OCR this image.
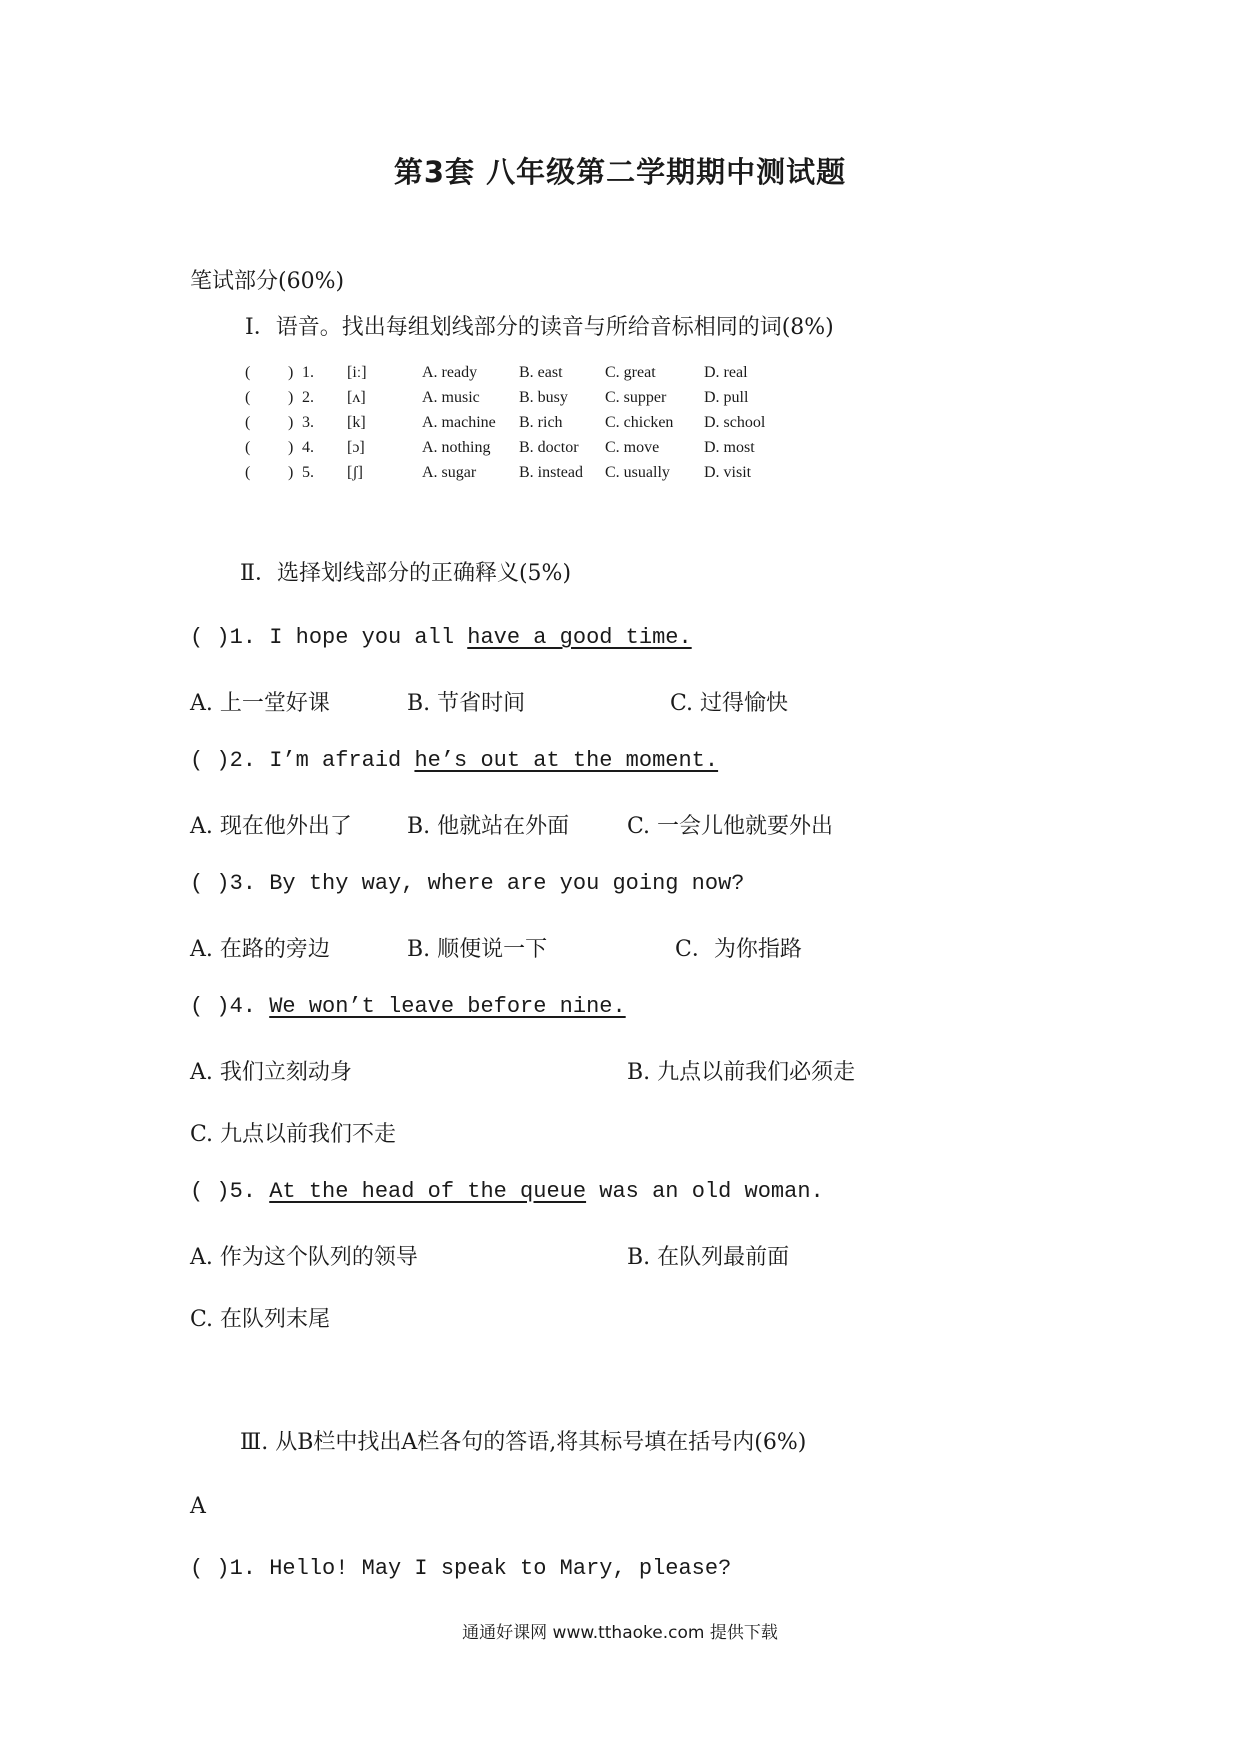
第3套 八年级第二学期期中测试题
笔试部分(60%)
Ⅰ．语音。找出每组划线部分的读音与所给音标相同的词(8%)
( ) 1. [iː]	A. ready	B. east	C. great	D. real
( ) 2. [ʌ]	A. music B. busy C. supper D. pull
( ) 3. [k]	A. machine B. rich	C. chicken D. school
( ) 4. [ɔ]	A. nothing B. doctor C. move	D. most
( ) 5. [ʃ]	A. sugar	B. instead C. usually D. visit
Ⅱ．选择划线部分的正确释义(5%)
( )1. I hope you all have a good time.
A. 上一堂好课	B. 节省时间	C. 过得愉快
( )2. I’m afraid he’s out at the moment.
A. 现在他外出了	B. 他就站在外面	C. 一会儿他就要外出
( )3. By thy way, where are you going now?
A. 在路的旁边	B. 顺便说一下	C．为你指路
( )4. We won’t leave before nine.
A. 我们立刻动身	B. 九点以前我们必须走
C. 九点以前我们不走
( )5. At the head of the queue was an old woman.
A. 作为这个队列的领导	B. 在队列最前面
C. 在队列末尾
Ⅲ. 从B栏中找出A栏各句的答语,将其标号填在括号内(6%)
A
( )1. Hello! May I speak to Mary, please?
通通好课网 www.tthaoke.com 提供下载
